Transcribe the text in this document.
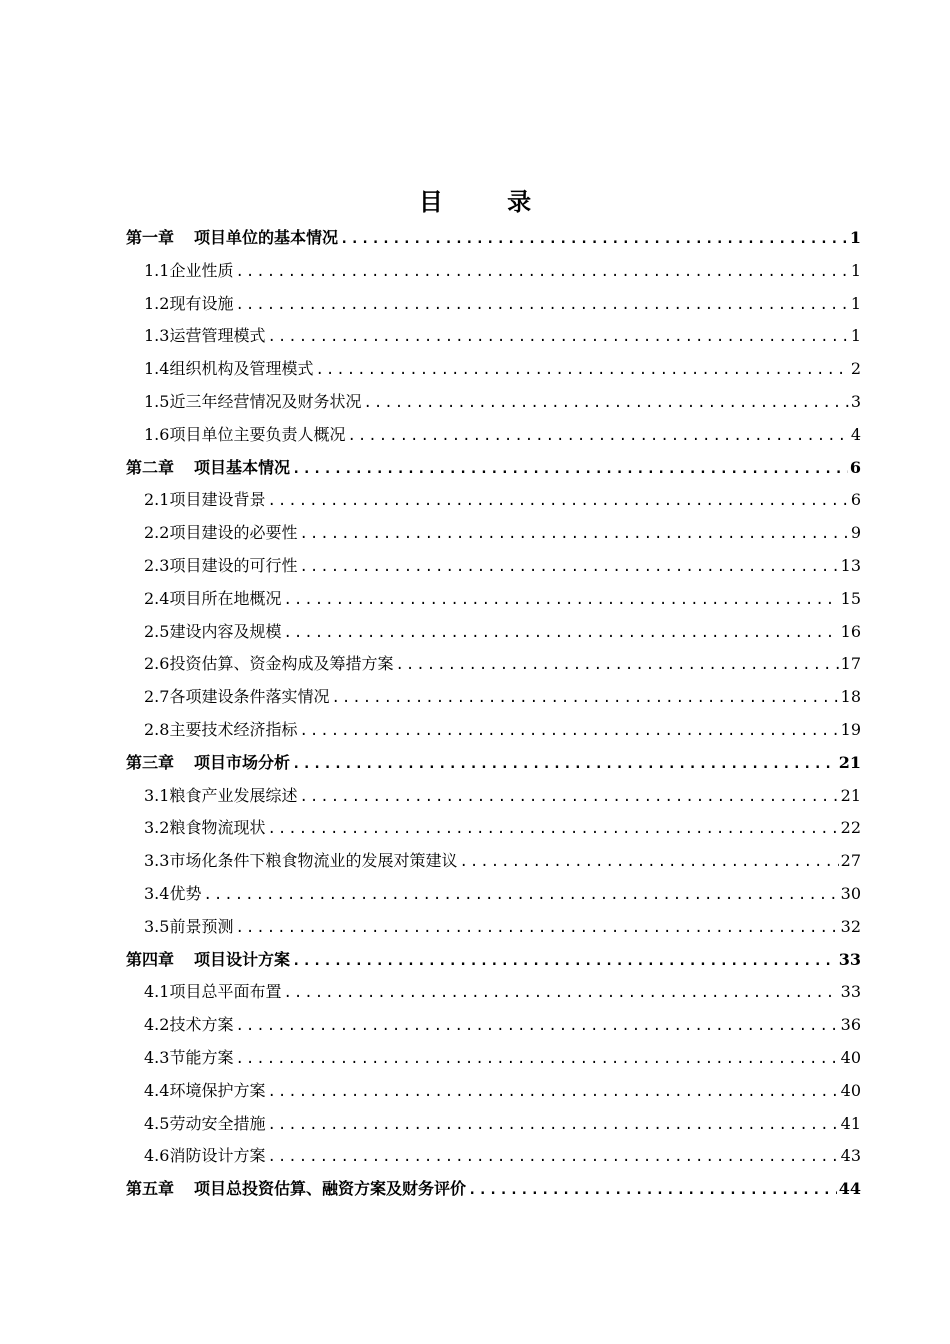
目 录
第一章 项目单位的基本情况 .....	1
1.1企业性质 .....	1
1.2现有设施 .....	1
1.3运营管理模式 .....	1
1.4组织机构及管理模式 .....	2
1.5近三年经营情况及财务状况 .....	3
1.6项目单位主要负责人概况 .....	4
第二章 项目基本情况 .....	6
2.1项目建设背景 .....	6
2.2项目建设的必要性 .....	9
2.3项目建设的可行性 .....	13
2.4项目所在地概况 .....	15
2.5建设内容及规模 .....	16
2.6投资估算、资金构成及筹措方案 .....	17
2.7各项建设条件落实情况 .....	18
2.8主要技术经济指标 .....	19
第三章 项目市场分析 .....	21
3.1粮食产业发展综述 .....	21
3.2粮食物流现状 .....	22
3.3市场化条件下粮食物流业的发展对策建议 .....	27
3.4优势 .....	30
3.5前景预测 .....	32
第四章 项目设计方案 .....	33
4.1项目总平面布置 .....	33
4.2技术方案 .....	36
4.3节能方案 .....	40
4.4环境保护方案 .....	40
4.5劳动安全措施 .....	41
4.6消防设计方案 .....	43
第五章 项目总投资估算、融资方案及财务评价 .....	44
